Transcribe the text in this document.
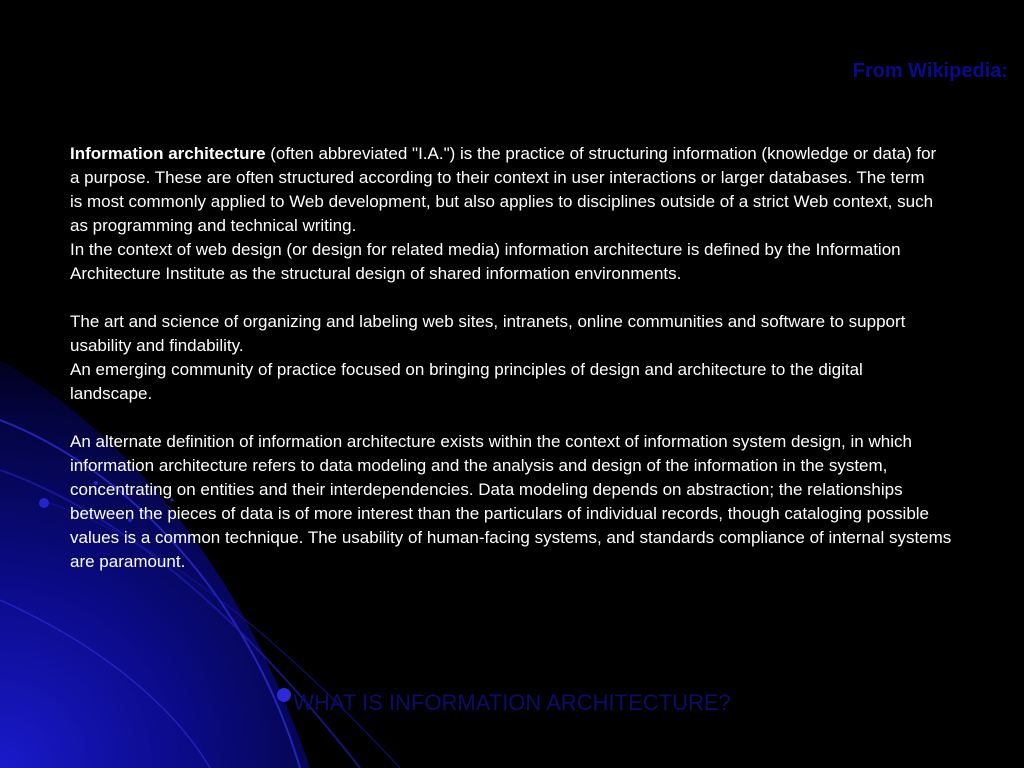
From Wikipedia:

Information architecture (often abbreviated "I.A.") is the practice of structuring information (knowledge or data) for

a purpose. These are often structured according to their context in user interactions or larger databases. The term

is most commonly applied to Web development, but also applies to disciplines outside of a strict Web context, such

as programming and technical writing.

In the context of web design (or design for related media) information architecture is defined by the Information

Architecture Institute as the structural design of shared information environments.

The art and science of organizing and labeling web sites, intranets, online communities and software to support

usability and findability.

An emerging community of practice focused on bringing principles of design and architecture to the digital

landscape.

An alternate definition of information architecture exists within the context of information system design, in which

information architecture refers to data modeling and the analysis and design of the information in the system,

concentrating on entities and their interdependencies. Data modeling depends on abstraction; the relationships

between the pieces of data is of more interest than the particulars of individual records, though cataloging possible

values is a common technique. The usability of human-facing systems, and standards compliance of internal systems

are paramount.

WHAT IS INFORMATION ARCHITECTURE?
